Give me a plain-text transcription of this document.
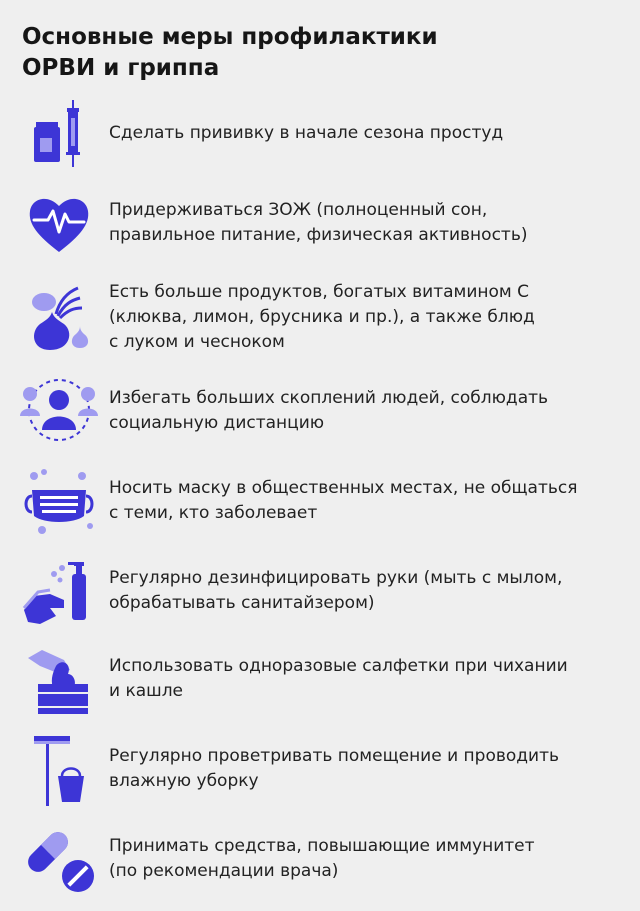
Основные меры профилактики
ОРВИ и гриппа
Сделать прививку в начале сезона простуд
Придерживаться ЗОЖ (полноценный сон,
правильное питание, физическая активность)
Есть больше продуктов, богатых витамином С
(клюква, лимон, брусника и пр.), а также блюд
с луком и чесноком
Избегать больших скоплений людей, соблюдать
социальную дистанцию
Носить маску в общественных местах, не общаться
с теми, кто заболевает
Регулярно дезинфицировать руки (мыть с мылом,
обрабатывать санитайзером)
Использовать одноразовые салфетки при чихании
и кашле
Регулярно проветривать помещение и проводить
влажную уборку
Принимать средства, повышающие иммунитет
(по рекомендации врача)
